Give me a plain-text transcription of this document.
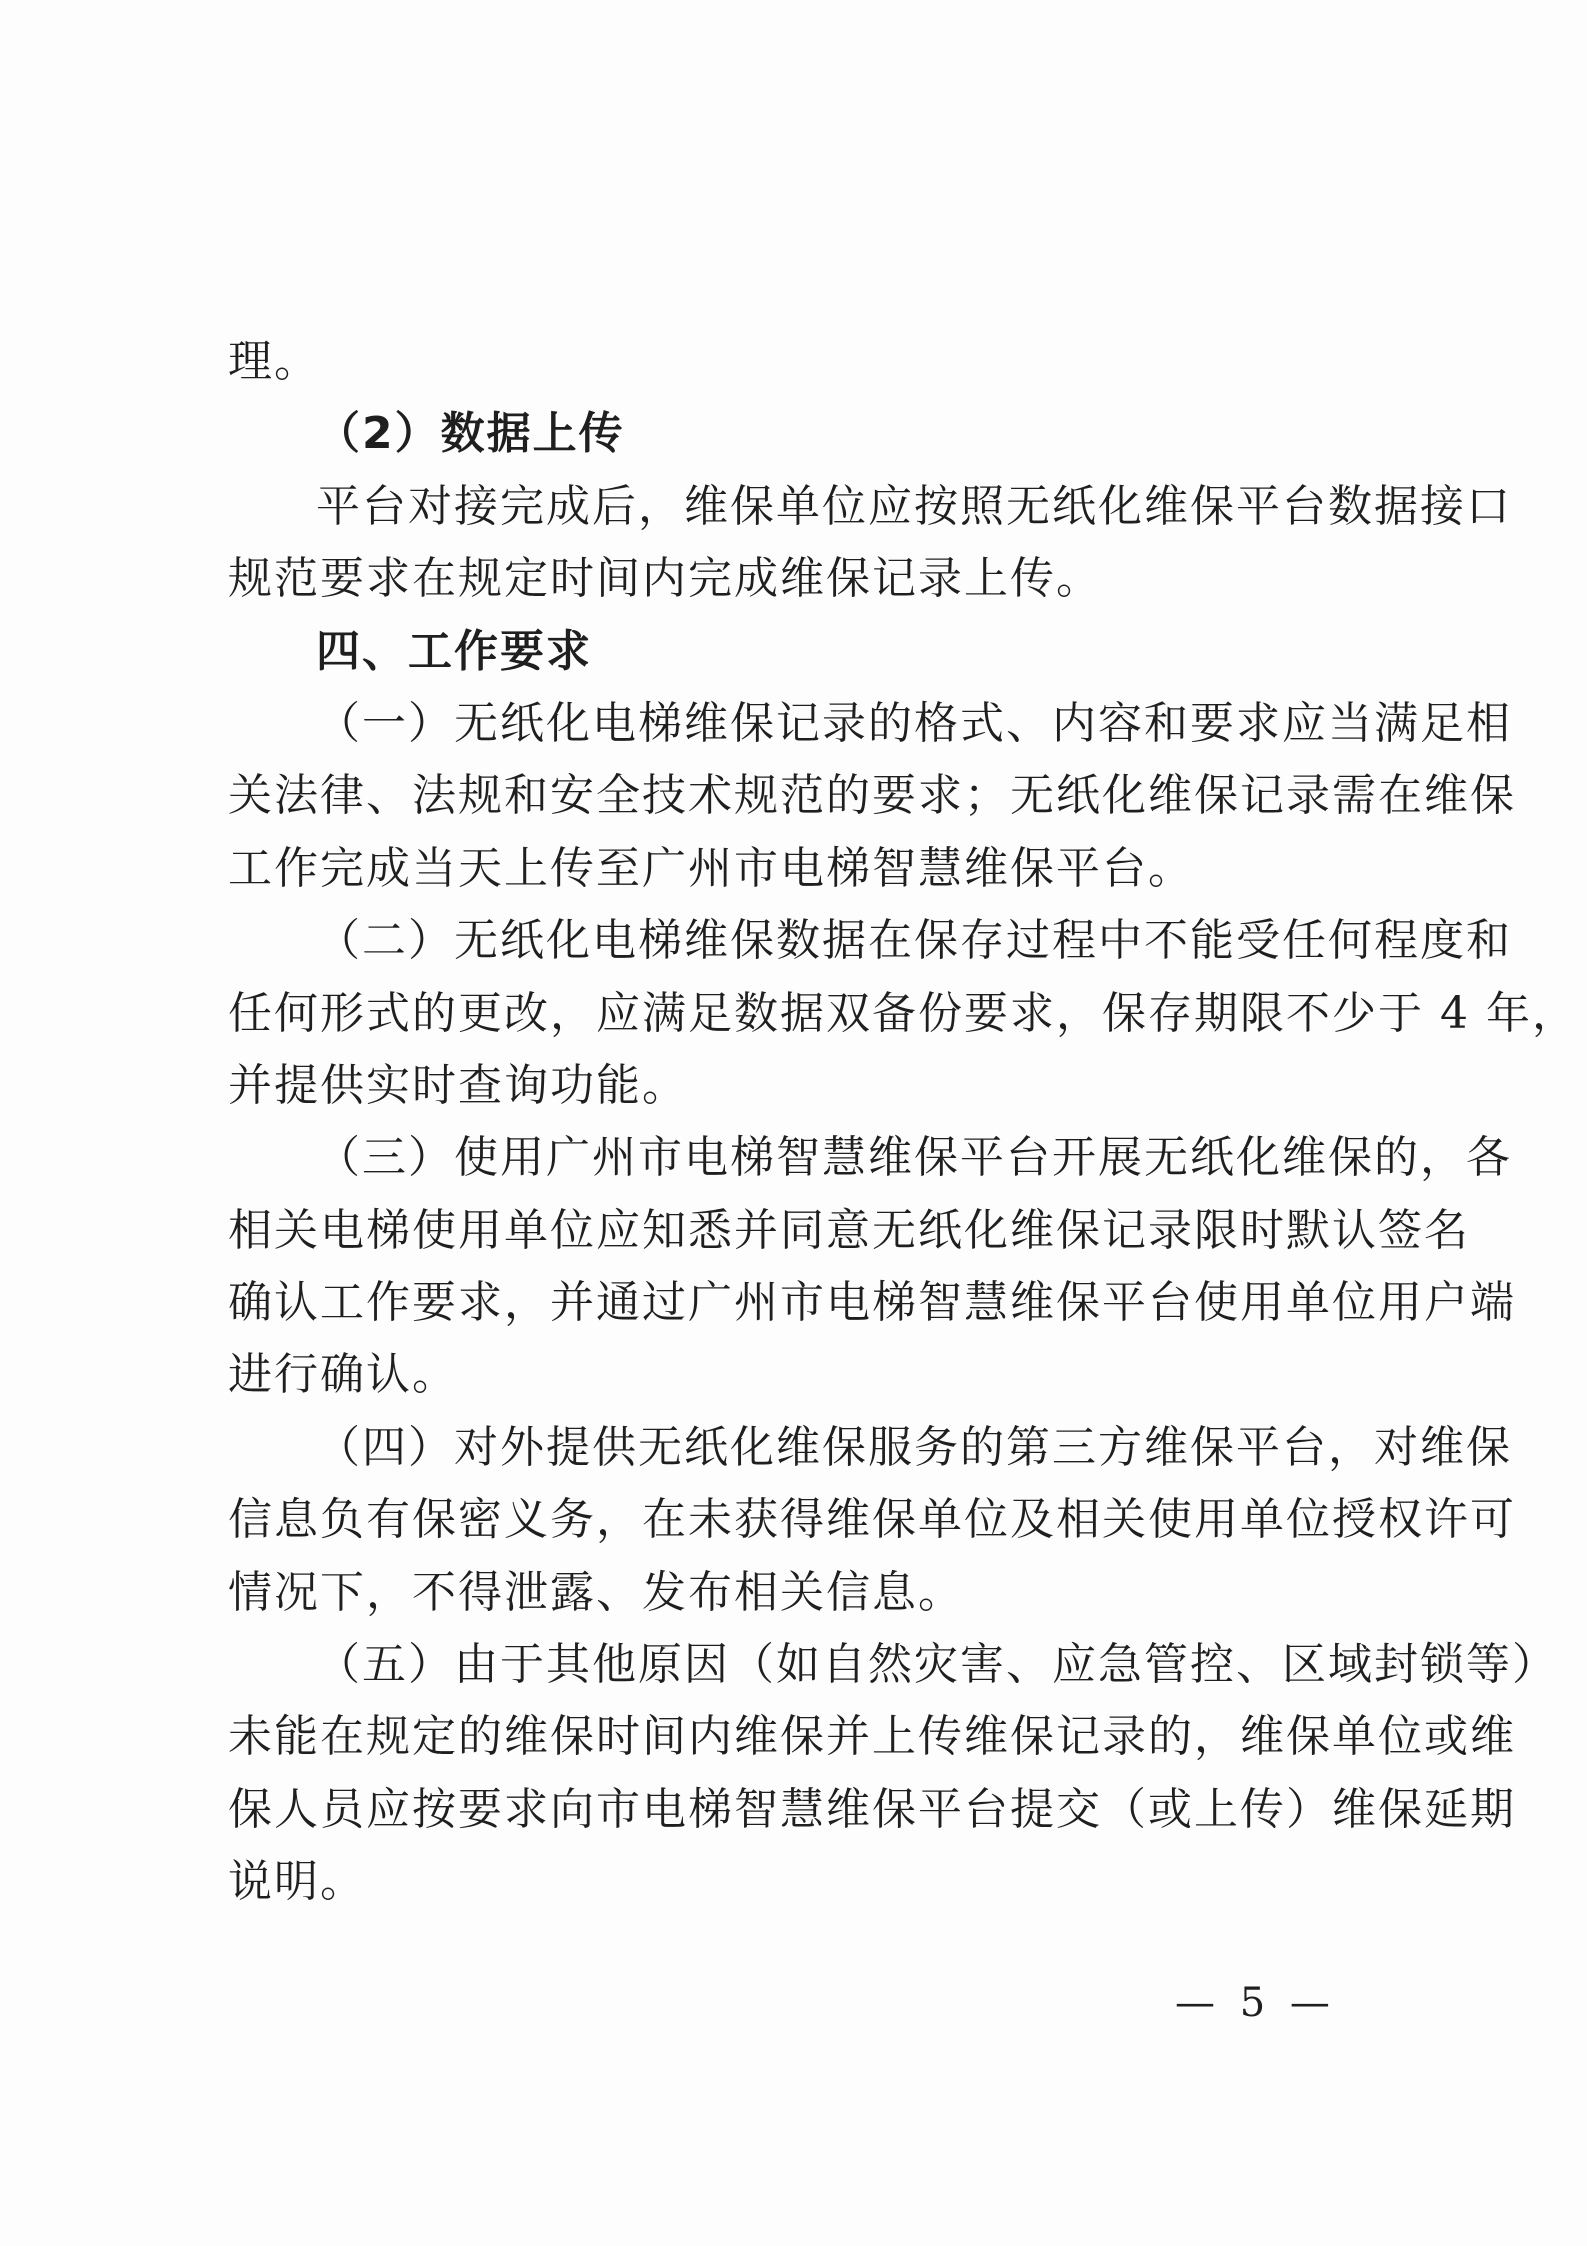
理。
（2）数据上传
平台对接完成后，维保单位应按照无纸化维保平台数据接口
规范要求在规定时间内完成维保记录上传。
四、工作要求
（一）无纸化电梯维保记录的格式、内容和要求应当满足相
关法律、法规和安全技术规范的要求；无纸化维保记录需在维保
工作完成当天上传至广州市电梯智慧维保平台。
（二）无纸化电梯维保数据在保存过程中不能受任何程度和
任何形式的更改，应满足数据双备份要求，保存期限不少于 4 年，
并提供实时查询功能。
（三）使用广州市电梯智慧维保平台开展无纸化维保的，各
相关电梯使用单位应知悉并同意无纸化维保记录限时默认签名
确认工作要求，并通过广州市电梯智慧维保平台使用单位用户端
进行确认。
（四）对外提供无纸化维保服务的第三方维保平台，对维保
信息负有保密义务，在未获得维保单位及相关使用单位授权许可
情况下，不得泄露、发布相关信息。
（五）由于其他原因（如自然灾害、应急管控、区域封锁等）
未能在规定的维保时间内维保并上传维保记录的，维保单位或维
保人员应按要求向市电梯智慧维保平台提交（或上传）维保延期
说明。
— 5 —
